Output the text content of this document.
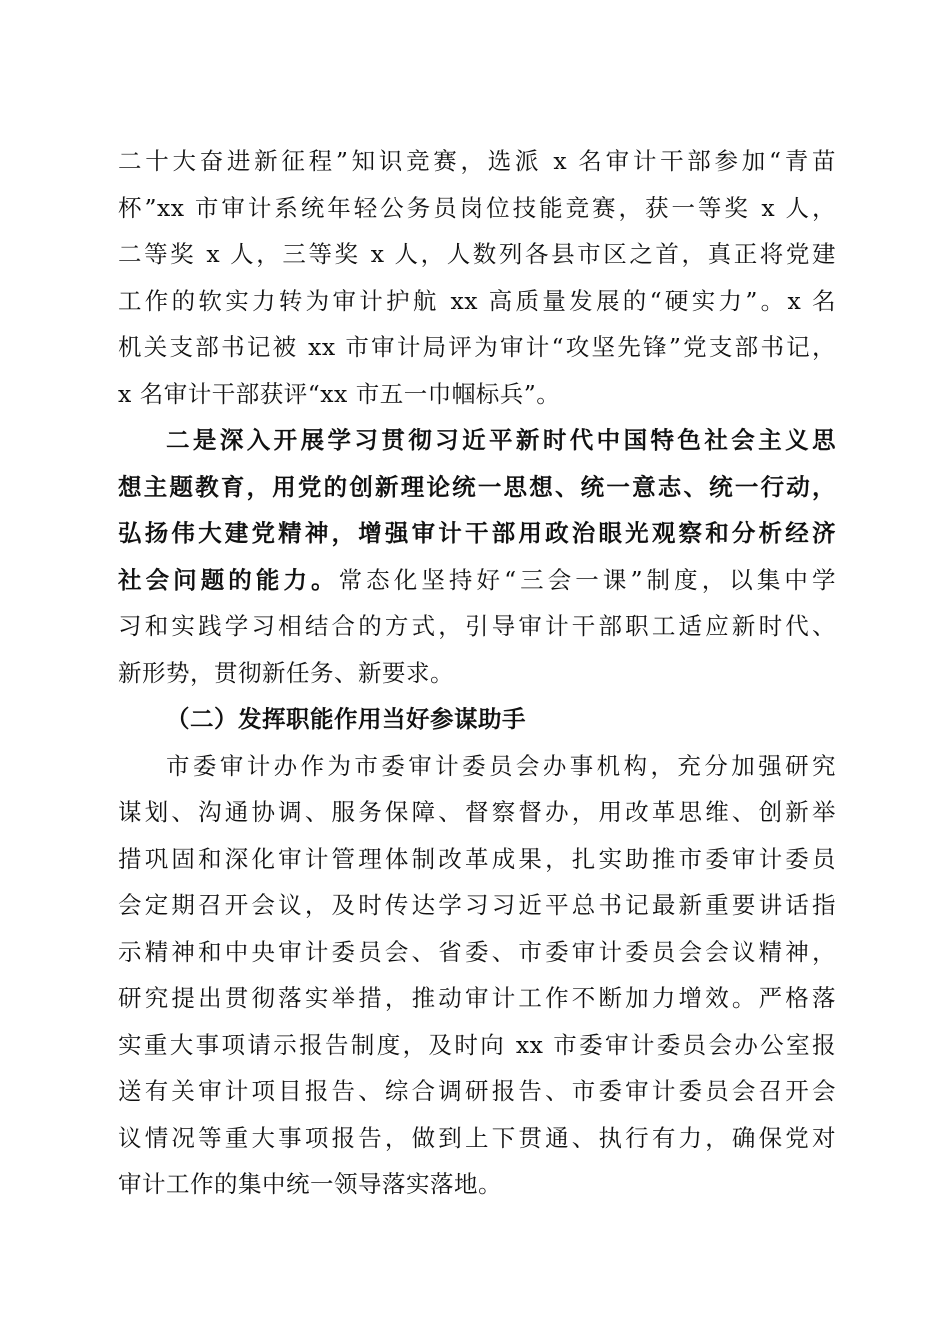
二十大奋进新征程”知识竞赛，选派 x 名审计干部参加“青苗
杯”xx 市审计系统年轻公务员岗位技能竞赛，获一等奖 x 人，
二等奖 x 人，三等奖 x 人，人数列各县市区之首，真正将党建
工作的软实力转为审计护航 xx 高质量发展的“硬实力”。x 名
机关支部书记被 xx 市审计局评为审计“攻坚先锋”党支部书记，
x 名审计干部获评“xx 市五一巾帼标兵”。
二是深入开展学习贯彻习近平新时代中国特色社会主义思
想主题教育，用党的创新理论统一思想、统一意志、统一行动，
弘扬伟大建党精神，增强审计干部用政治眼光观察和分析经济
社会问题的能力。常态化坚持好“三会一课”制度，以集中学
习和实践学习相结合的方式，引导审计干部职工适应新时代、
新形势，贯彻新任务、新要求。
（二）发挥职能作用当好参谋助手
市委审计办作为市委审计委员会办事机构，充分加强研究
谋划、沟通协调、服务保障、督察督办，用改革思维、创新举
措巩固和深化审计管理体制改革成果，扎实助推市委审计委员
会定期召开会议，及时传达学习习近平总书记最新重要讲话指
示精神和中央审计委员会、省委、市委审计委员会会议精神，
研究提出贯彻落实举措，推动审计工作不断加力增效。严格落
实重大事项请示报告制度，及时向 xx 市委审计委员会办公室报
送有关审计项目报告、综合调研报告、市委审计委员会召开会
议情况等重大事项报告，做到上下贯通、执行有力，确保党对
审计工作的集中统一领导落实落地。
